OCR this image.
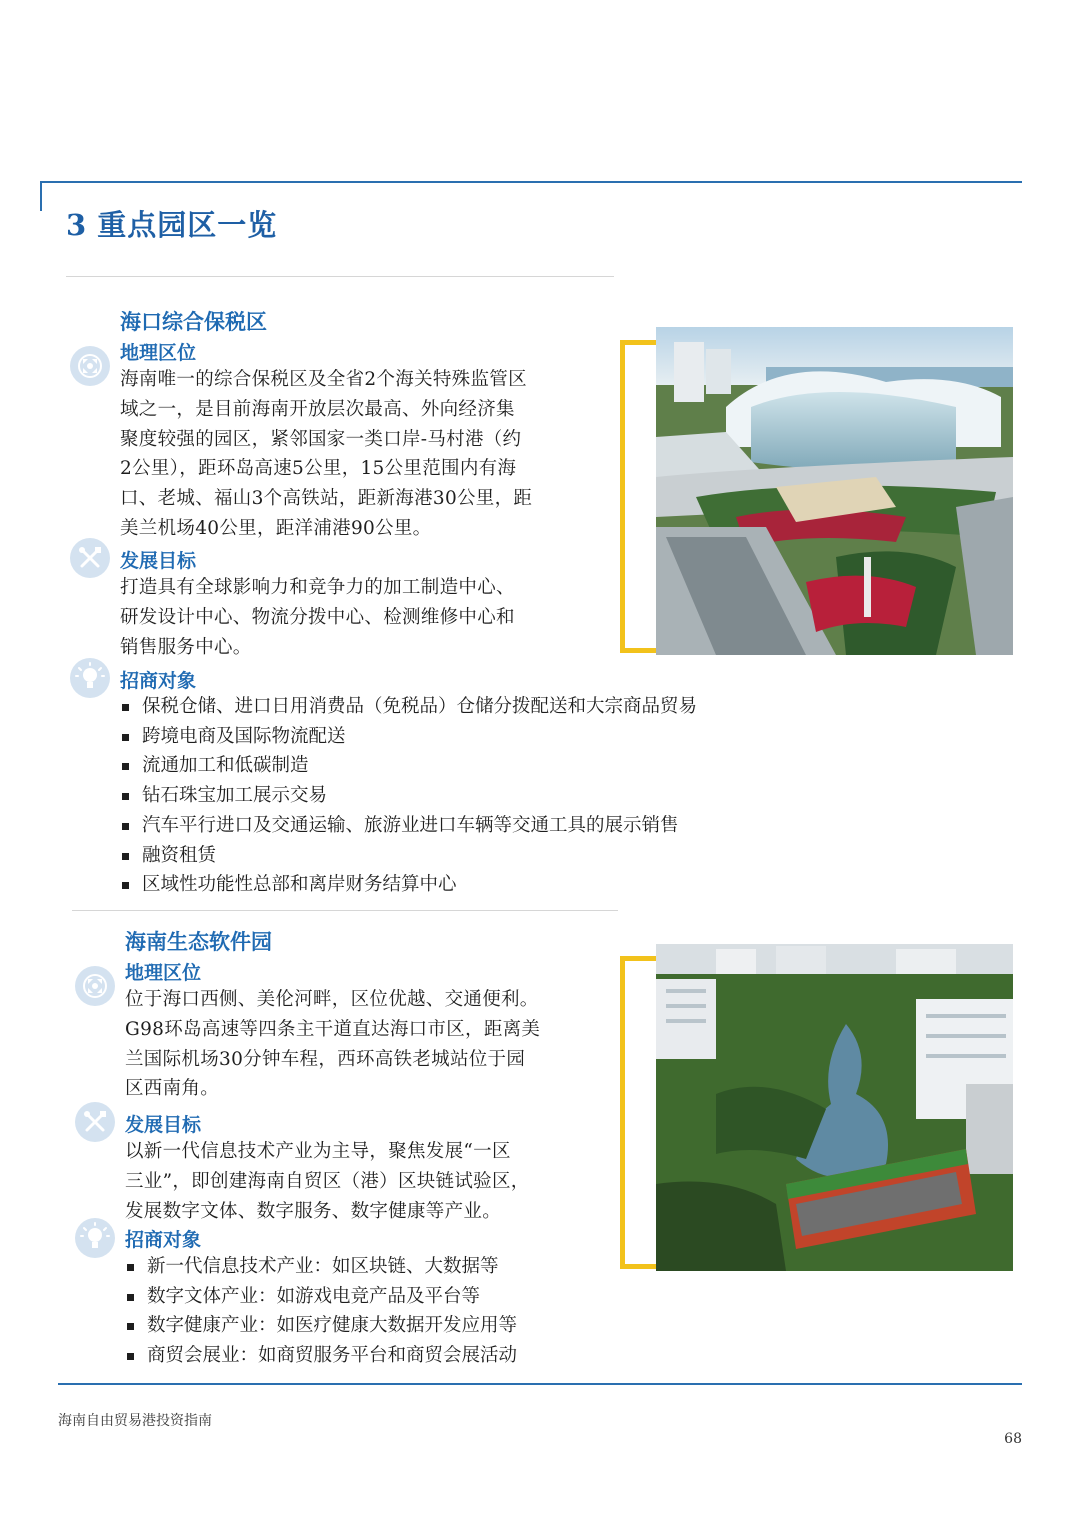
3 重点园区一览
海口综合保税区
地理区位
海南唯一的综合保税区及全省2个海关特殊监管区
域之一，是目前海南开放层次最高、外向经济集
聚度较强的园区，紧邻国家一类口岸-马村港（约
2公里），距环岛高速5公里，15公里范围内有海
口、老城、福山3个高铁站，距新海港30公里，距
美兰机场40公里，距洋浦港90公里。
发展目标
打造具有全球影响力和竞争力的加工制造中心、
研发设计中心、物流分拨中心、检测维修中心和
销售服务中心。
招商对象
保税仓储、进口日用消费品（免税品）仓储分拨配送和大宗商品贸易
跨境电商及国际物流配送
流通加工和低碳制造
钻石珠宝加工展示交易
汽车平行进口及交通运输、旅游业进口车辆等交通工具的展示销售
融资租赁
区域性功能性总部和离岸财务结算中心
海南生态软件园
地理区位
位于海口西侧、美伦河畔，区位优越、交通便利。
G98环岛高速等四条主干道直达海口市区，距离美
兰国际机场30分钟车程，西环高铁老城站位于园
区西南角。
发展目标
以新一代信息技术产业为主导，聚焦发展“一区
三业”，即创建海南自贸区（港）区块链试验区，
发展数字文体、数字服务、数字健康等产业。
招商对象
新一代信息技术产业：如区块链、大数据等
数字文体产业：如游戏电竞产品及平台等
数字健康产业：如医疗健康大数据开发应用等
商贸会展业：如商贸服务平台和商贸会展活动
海南自由贸易港投资指南
68
